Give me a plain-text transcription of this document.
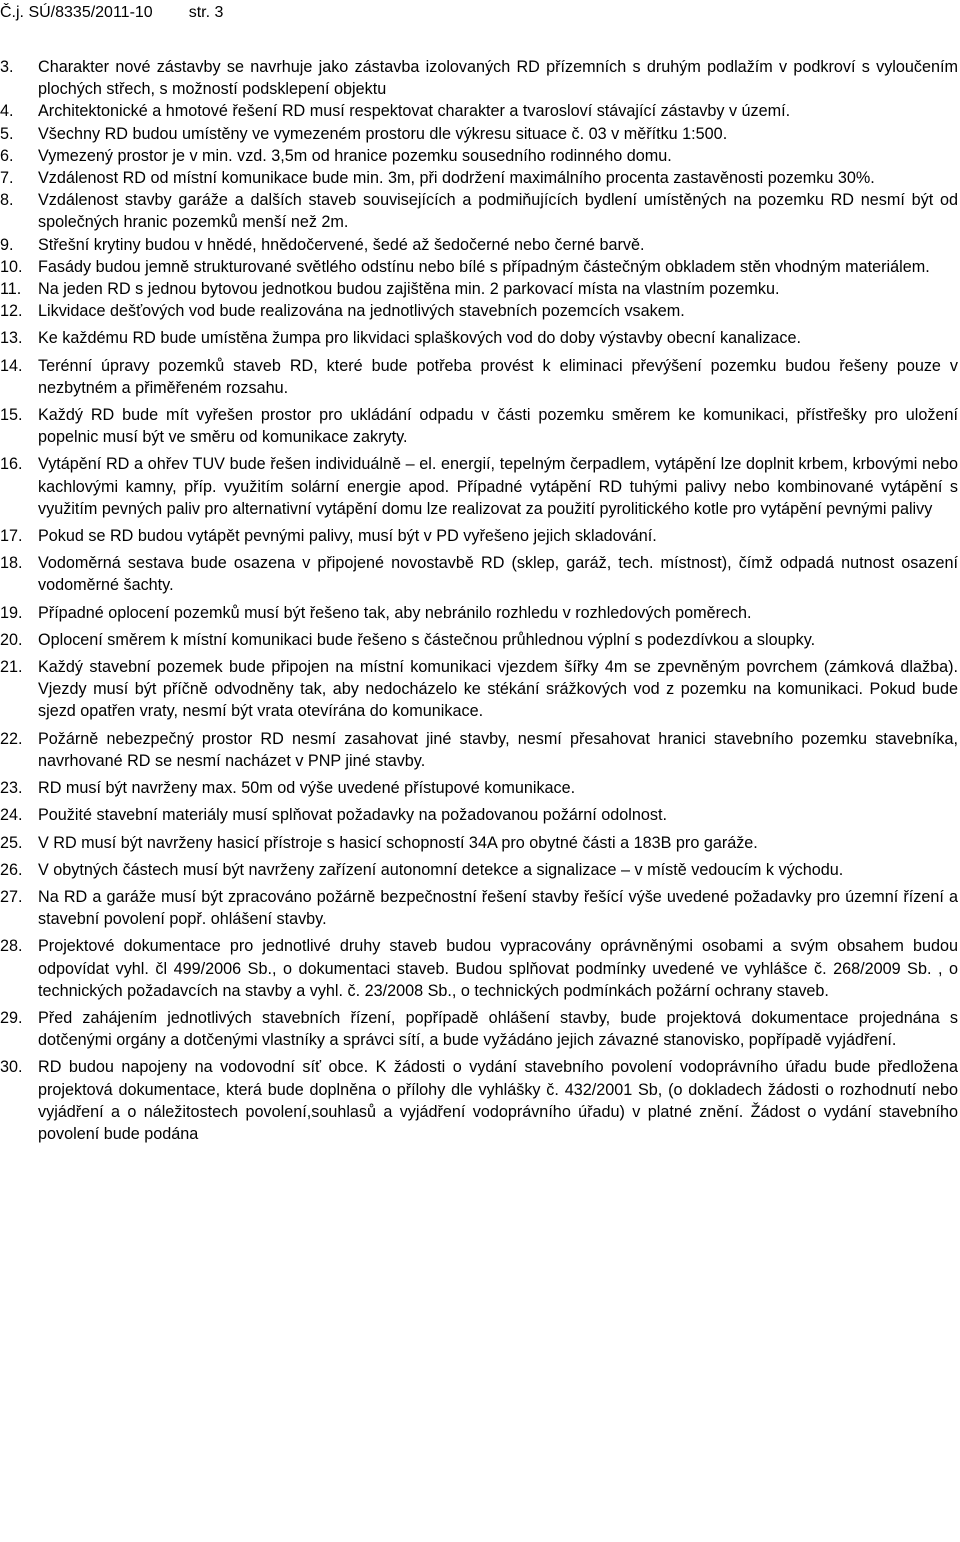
Č.j. SÚ/8335/2011-10 str. 3
3.	Charakter nové zástavby se navrhuje jako zástavba izolovaných RD přízemních s druhým podlažím v podkroví s vyloučením plochých střech, s možností podsklepení objektu
4.	Architektonické a hmotové řešení RD musí respektovat charakter a tvarosloví stávající zástavby v území.
5.	Všechny RD budou umístěny ve vymezeném prostoru dle výkresu situace č. 03 v měřítku 1:500.
6.	Vymezený prostor je v min. vzd. 3,5m od hranice pozemku sousedního rodinného domu.
7.	Vzdálenost RD od místní komunikace bude min. 3m, při dodržení maximálního procenta zastavěnosti pozemku 30%.
8.	Vzdálenost stavby garáže a dalších staveb souvisejících a podmiňujících bydlení umístěných na pozemku RD nesmí být od společných hranic pozemků menší než 2m.
9.	Střešní krytiny budou v hnědé, hnědočervené, šedé až šedočerné nebo černé barvě.
10. Fasády budou jemně strukturované světlého odstínu nebo bílé s případným částečným obkladem stěn vhodným materiálem.
11.	Na jeden RD s jednou bytovou jednotkou budou zajištěna min. 2 parkovací místa na vlastním pozemku.
12. Likvidace dešťových vod bude realizována na jednotlivých stavebních pozemcích vsakem.
13. Ke každému RD bude umístěna žumpa pro likvidaci splaškových vod do doby výstavby obecní kanalizace.
14. Terénní úpravy pozemků staveb RD, které bude potřeba provést k eliminaci převýšení pozemku budou řešeny pouze v nezbytném a přiměřeném rozsahu.
15. Každý RD bude mít vyřešen prostor pro ukládání odpadu v části pozemku směrem ke komunikaci, přístřešky pro uložení popelnic musí být ve směru od komunikace zakryty.
16. Vytápění RD a ohřev TUV bude řešen individuálně – el. energií, tepelným čerpadlem, vytápění lze doplnit krbem, krbovými nebo kachlovými kamny, příp. využitím solární energie apod. Případné vytápění RD tuhými palivy nebo kombinované vytápění s využitím pevných paliv pro alternativní vytápění domu lze realizovat za použití pyrolitického kotle pro vytápění pevnými palivy
17. Pokud se RD budou vytápět pevnými palivy, musí být v PD vyřešeno jejich skladování.
18. Vodoměrná sestava bude osazena v připojené novostavbě RD (sklep, garáž, tech. místnost), čímž odpadá nutnost osazení vodoměrné šachty.
19. Případné oplocení pozemků musí být řešeno tak, aby nebránilo rozhledu v rozhledových poměrech.
20. Oplocení směrem k místní komunikaci bude řešeno s částečnou průhlednou výplní s podezdívkou a sloupky.
21. Každý stavební pozemek bude připojen na místní komunikaci vjezdem šířky 4m se zpevněným povrchem (zámková dlažba). Vjezdy musí být příčně odvodněny tak, aby nedocházelo ke stékání srážkových vod z pozemku na komunikaci. Pokud bude sjezd opatřen vraty, nesmí být vrata otevírána do komunikace.
22. Požárně nebezpečný prostor RD nesmí zasahovat jiné stavby, nesmí přesahovat hranici stavebního pozemku stavebníka, navrhované RD se nesmí nacházet v PNP jiné stavby.
23. RD musí být navrženy max. 50m od výše uvedené přístupové komunikace.
24. Použité stavební materiály musí splňovat požadavky na požadovanou požární odolnost.
25. V RD musí být navrženy hasicí přístroje s hasicí schopností 34A pro obytné části a 183B pro garáže.
26. V obytných částech musí být navrženy zařízení autonomní detekce a signalizace – v místě vedoucím k východu.
27. Na RD a garáže musí být zpracováno požárně bezpečnostní řešení stavby řešící výše uvedené požadavky pro územní řízení a stavební povolení popř. ohlášení stavby.
28. Projektové dokumentace pro jednotlivé druhy staveb budou vypracovány oprávněnými osobami a svým obsahem budou odpovídat vyhl. čl 499/2006 Sb., o dokumentaci staveb. Budou splňovat podmínky uvedené ve vyhlášce č. 268/2009 Sb. , o technických požadavcích na stavby a vyhl. č. 23/2008 Sb., o technických podmínkách požární ochrany staveb.
29. Před zahájením jednotlivých stavebních řízení, popřípadě ohlášení stavby, bude projektová dokumentace projednána s dotčenými orgány a dotčenými vlastníky a správci sítí, a bude vyžádáno jejich závazné stanovisko, popřípadě vyjádření.
30. RD budou napojeny na vodovodní síť obce. K žádosti o vydání stavebního povolení vodoprávního úřadu bude předložena projektová dokumentace, která bude doplněna o přílohy dle vyhlášky č. 432/2001 Sb, (o dokladech žádosti o rozhodnutí nebo vyjádření a o náležitostech povolení,souhlasů a vyjádření vodoprávního úřadu) v platné znění. Žádost o vydání stavebního povolení bude podána
